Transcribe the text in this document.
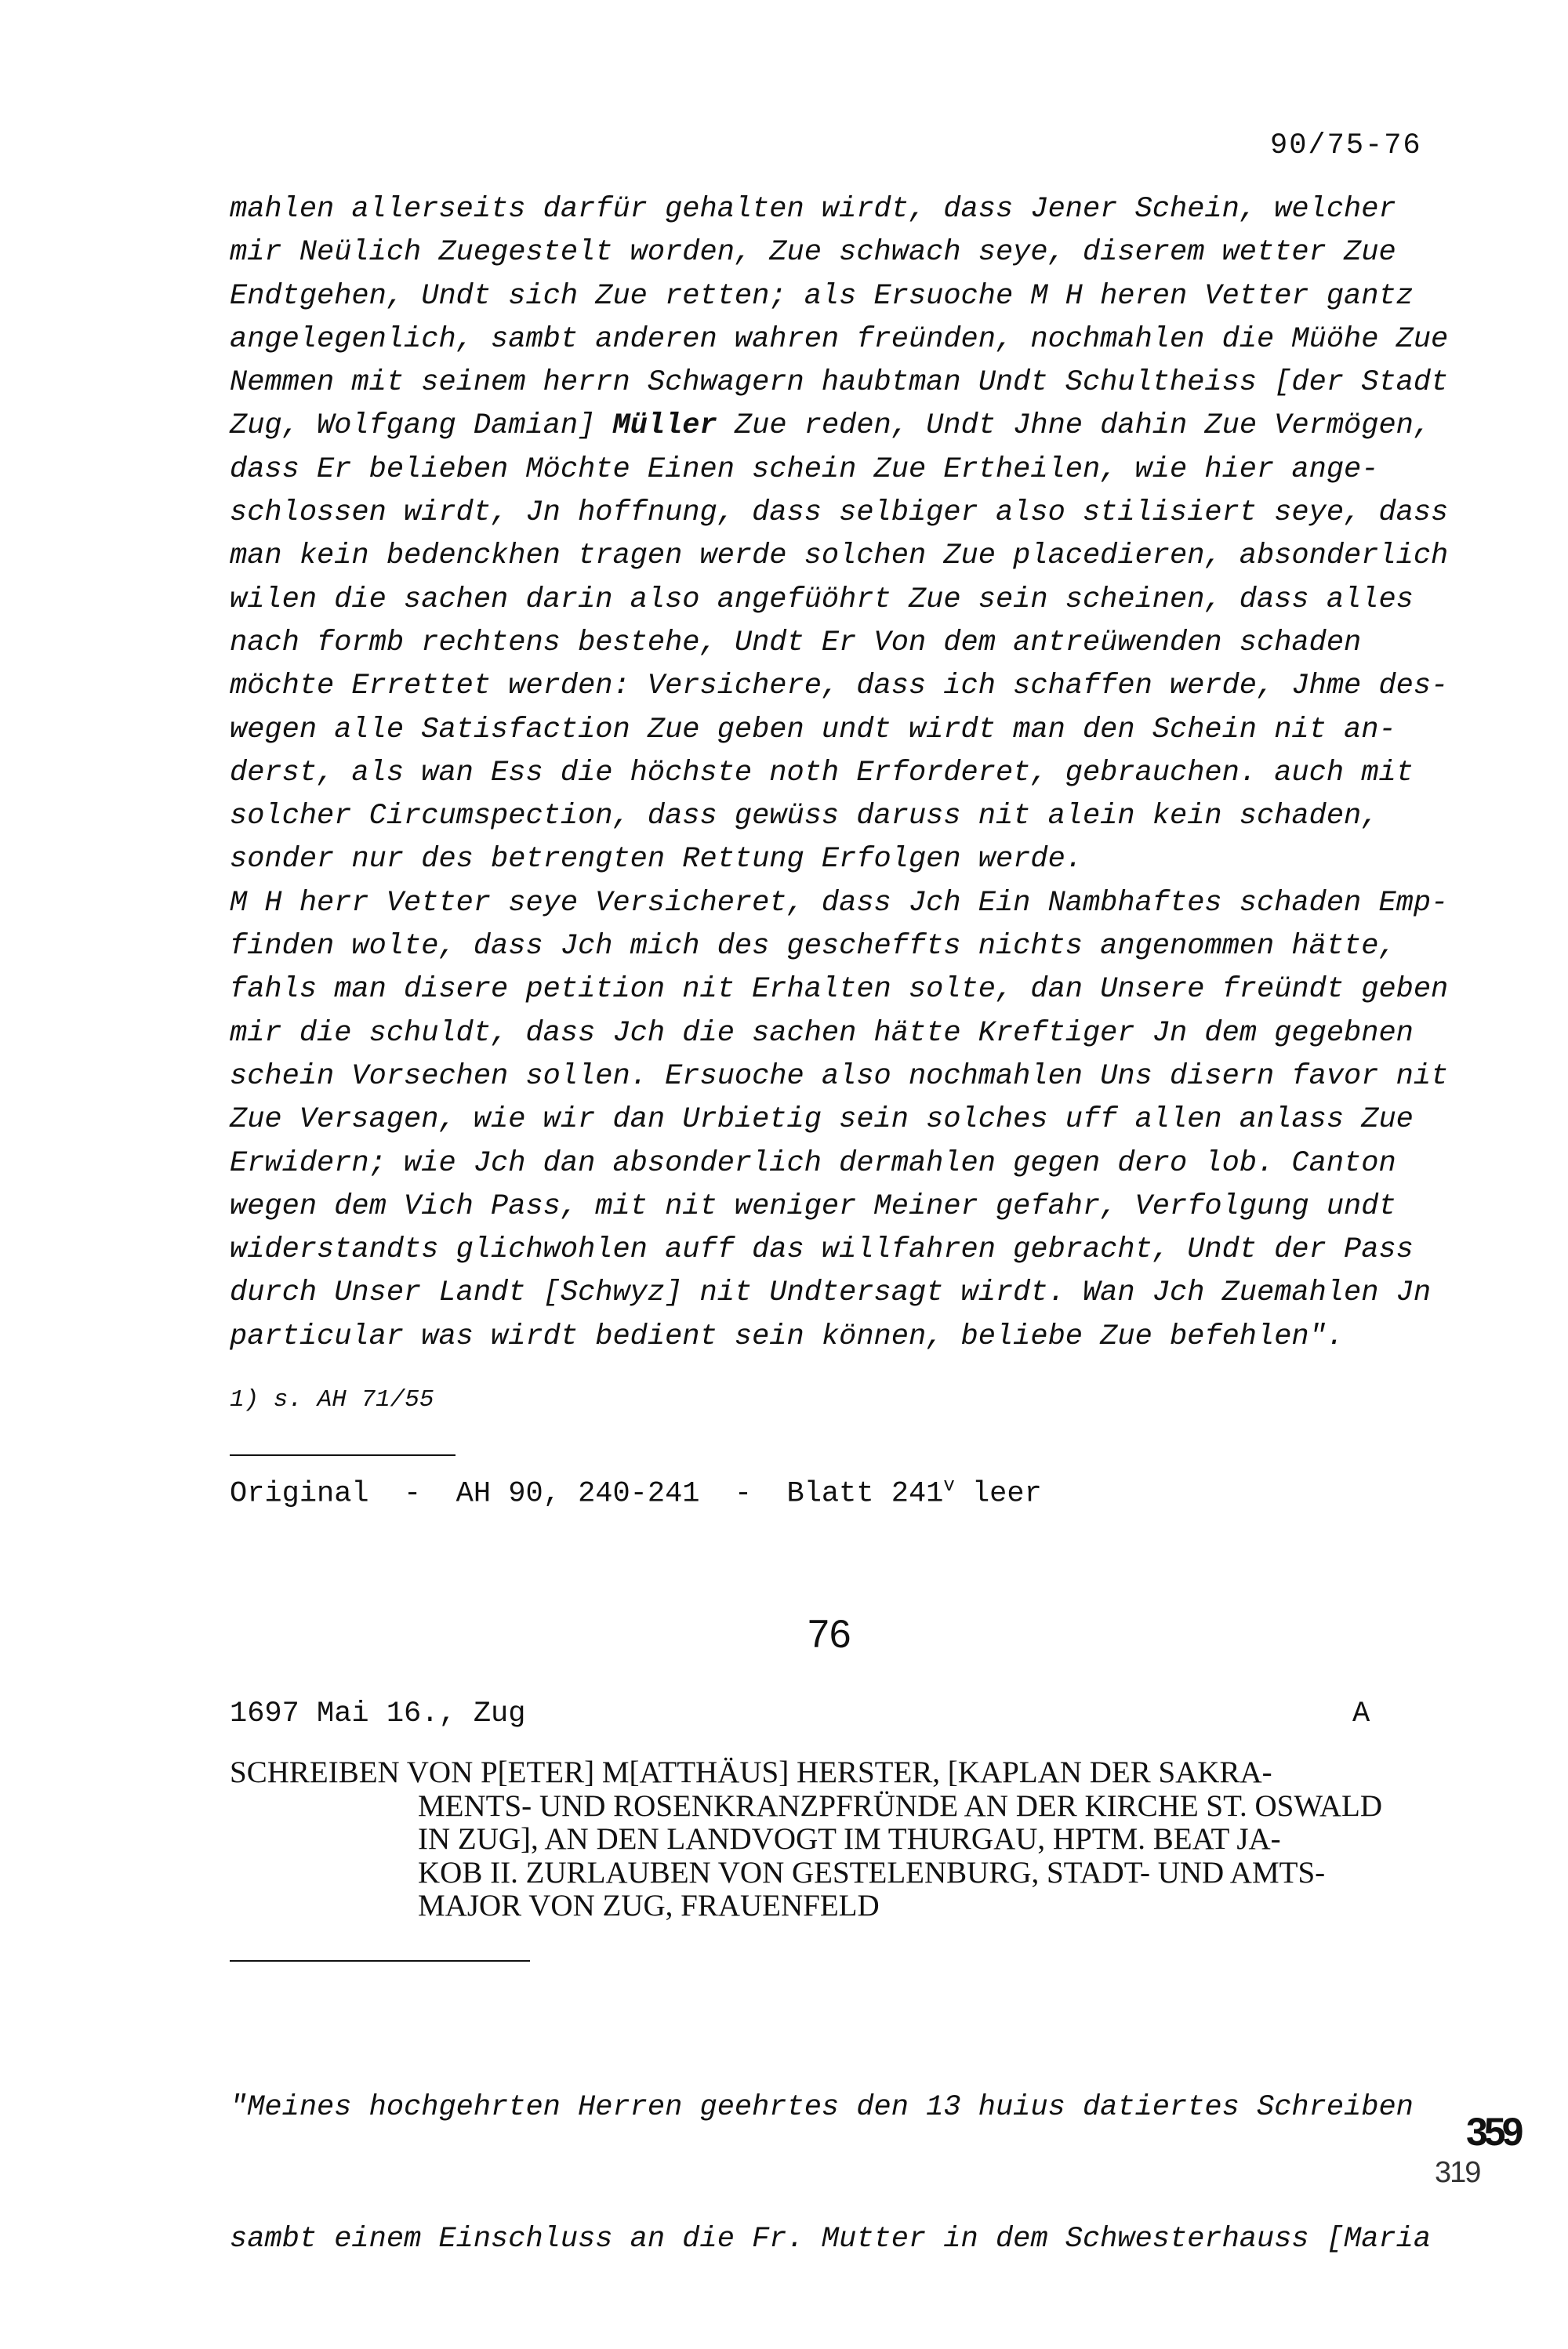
90/75-76
mahlen allerseits darfür gehalten wirdt, dass Jener Schein, welcher
mir Neülich Zuegestelt worden, Zue schwach seye, diserem wetter Zue
Endtgehen, Undt sich Zue retten; als Ersuoche M H heren Vetter gantz
angelegenlich, sambt anderen wahren freünden, nochmahlen die Müöhe Zue
Nemmen mit seinem herrn Schwagern haubtman Undt Schultheiss [der Stadt
Zug, Wolfgang Damian] Müller Zue reden, Undt Jhne dahin Zue Vermögen,
dass Er belieben Möchte Einen schein Zue Ertheilen, wie hier ange-
schlossen wirdt, Jn hoffnung, dass selbiger also stilisiert seye, dass
man kein bedenckhen tragen werde solchen Zue placedieren, absonderlich
wilen die sachen darin also angefüöhrt Zue sein scheinen, dass alles
nach formb rechtens bestehe, Undt Er Von dem antreüwenden schaden
möchte Errettet werden: Versichere, dass ich schaffen werde, Jhme des-
wegen alle Satisfaction Zue geben undt wirdt man den Schein nit an-
derst, als wan Ess die höchste noth Erforderet, gebrauchen. auch mit
solcher Circumspection, dass gewüss daruss nit alein kein schaden,
sonder nur des betrengten Rettung Erfolgen werde.
M H herr Vetter seye Versicheret, dass Jch Ein Nambhaftes schaden Emp-
finden wolte, dass Jch mich des gescheffts nichts angenommen hätte,
fahls man disere petition nit Erhalten solte, dan Unsere freündt geben
mir die schuldt, dass Jch die sachen hätte Kreftiger Jn dem gegebnen
schein Vorsechen sollen. Ersuoche also nochmahlen Uns disern favor nit
Zue Versagen, wie wir dan Urbietig sein solches uff allen anlass Zue
Erwidern; wie Jch dan absonderlich dermahlen gegen dero lob. Canton
wegen dem Vich Pass, mit nit weniger Meiner gefahr, Verfolgung undt
widerstandts glichwohlen auff das willfahren gebracht, Undt der Pass
durch Unser Landt [Schwyz] nit Undtersagt wirdt. Wan Jch Zuemahlen Jn
particular was wirdt bedient sein können, beliebe Zue befehlen".
1) s. AH 71/55
Original  -  AH 90, 240-241  -  Blatt 241$^v$ leer
76
1697 Mai 16., Zug	A
SCHREIBEN VON P[ETER] M[ATTHÄUS] HERSTER, [KAPLAN DER SAKRA-
MENTS- UND ROSENKRANZPFRÜNDE AN DER KIRCHE ST. OSWALD
IN ZUG], AN DEN LANDVOGT IM THURGAU, HPTM. BEAT JA-
KOB II. ZURLAUBEN VON GESTELENBURG, STADT- UND AMTS-
MAJOR VON ZUG, FRAUENFELD

"Meines hochgehrten Herren geehrtes den 13 huius datiertes Schreiben

sambt einem Einschluss an die Fr. Mutter in dem Schwesterhauss [Maria

359
319
